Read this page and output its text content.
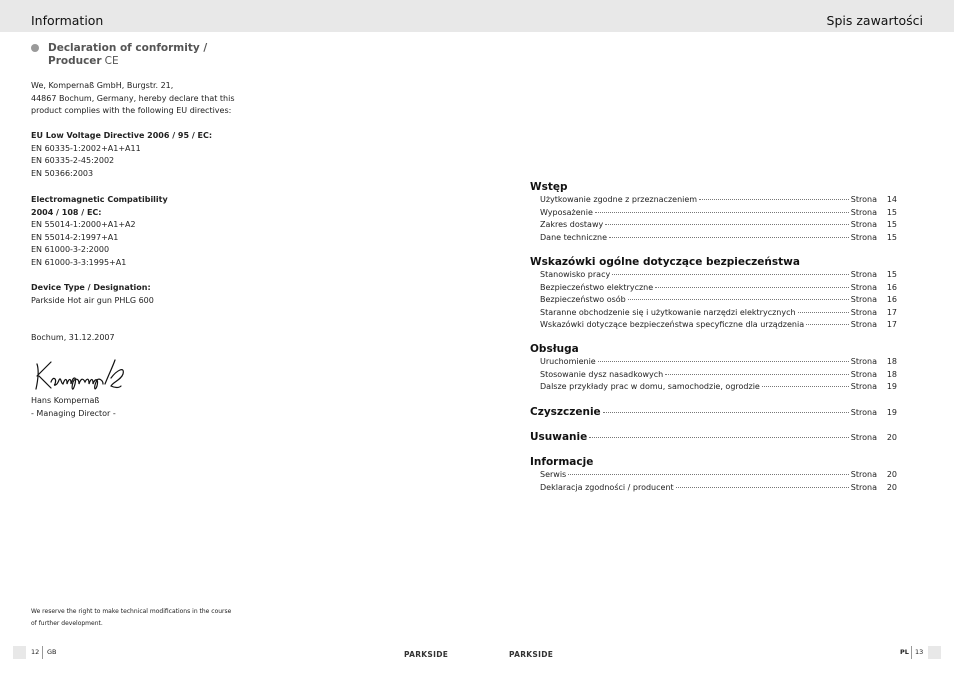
Information	Spis zawartości
Declaration of conformity / Producer CE
We, Kompernaß GmbH, Burgstr. 21,
44867 Bochum, Germany, hereby declare that this
product complies with the following EU directives:
EU Low Voltage Directive 2006 / 95 / EC:
EN 60335-1:2002+A1+A11
EN 60335-2-45:2002
EN 50366:2003
Electromagnetic Compatibility
2004 / 108 / EC:
EN 55014-1:2000+A1+A2
EN 55014-2:1997+A1
EN 61000-3-2:2000
EN 61000-3-3:1995+A1
Device Type / Designation:
Parkside Hot air gun PHLG 600
Bochum, 31.12.2007
Hans Kompernaß
- Managing Director -
We reserve the right to make technical modifications in the course
of further development.
12 GB	PARKSIDE	PARKSIDE	PL 13
Wstęp
Użytkowanie zgodne z przeznaczeniem	Strona	14
Wyposażenie	Strona	15
Zakres dostawy	Strona	15
Dane techniczne	Strona	15
Wskazówki ogólne dotyczące bezpieczeństwa
Stanowisko pracy	Strona	15
Bezpieczeństwo elektryczne	Strona	16
Bezpieczeństwo osób	Strona	16
Staranne obchodzenie się i użytkowanie narzędzi elektrycznych	Strona	17
Wskazówki dotyczące bezpieczeństwa specyficzne dla urządzenia	Strona	17
Obsługa
Uruchomienie	Strona	18
Stosowanie dysz nasadkowych	Strona	18
Dalsze przykłady prac w domu, samochodzie, ogrodzie	Strona	19
Czyszczenie	Strona	19
Usuwanie	Strona	20
Informacje
Serwis	Strona	20
Deklaracja zgodności / producent	Strona	20
